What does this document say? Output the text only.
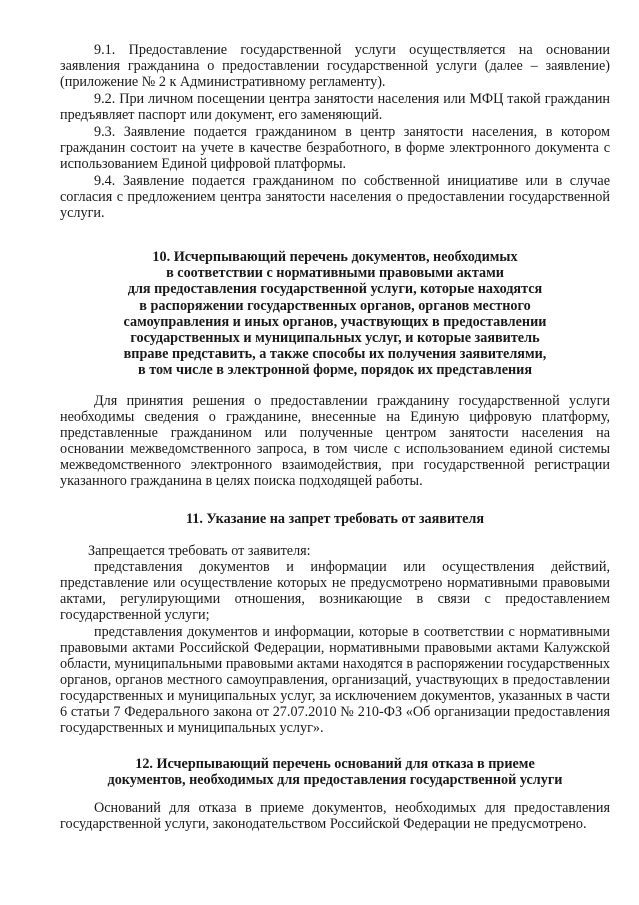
9.1. Предоставление государственной услуги осуществляется на основании заявления гражданина о предоставлении государственной услуги (далее – заявление) (приложение № 2 к Административному регламенту).

9.2. При личном посещении центра занятости населения или МФЦ такой гражданин предъявляет паспорт или документ, его заменяющий.

9.3. Заявление подается гражданином в центр занятости населения, в котором гражданин состоит на учете в качестве безработного, в форме электронного документа с использованием Единой цифровой платформы.

9.4. Заявление подается гражданином по собственной инициативе или в случае согласия с предложением центра занятости населения о предоставлении государственной услуги.

10. Исчерпывающий перечень документов, необходимых
в соответствии с нормативными правовыми актами
для предоставления государственной услуги, которые находятся
в распоряжении государственных органов, органов местного
самоуправления и иных органов, участвующих в предоставлении
государственных и муниципальных услуг, и которые заявитель
вправе представить, а также способы их получения заявителями,
в том числе в электронной форме, порядок их представления

Для принятия решения о предоставлении гражданину государственной услуги необходимы сведения о гражданине, внесенные на Единую цифровую платформу, представленные гражданином или полученные центром занятости населения на основании межведомственного запроса, в том числе с использованием единой системы межведомственного электронного взаимодействия, при государственной регистрации указанного гражданина в целях поиска подходящей работы.

11. Указание на запрет требовать от заявителя

Запрещается требовать от заявителя:

представления документов и информации или осуществления действий, представление или осуществление которых не предусмотрено нормативными правовыми актами, регулирующими отношения, возникающие в связи с предоставлением государственной услуги;

представления документов и информации, которые в соответствии с нормативными правовыми актами Российской Федерации, нормативными правовыми актами Калужской области, муниципальными правовыми актами находятся в распоряжении государственных органов, органов местного самоуправления, организаций, участвующих в предоставлении государственных и муниципальных услуг, за исключением документов, указанных в части 6 статьи 7 Федерального закона от 27.07.2010 № 210-ФЗ «Об организации предоставления государственных и муниципальных услуг».

12. Исчерпывающий перечень оснований для отказа в приеме
документов, необходимых для предоставления государственной услуги

Оснований для отказа в приеме документов, необходимых для предоставления государственной услуги, законодательством Российской Федерации не предусмотрено.
